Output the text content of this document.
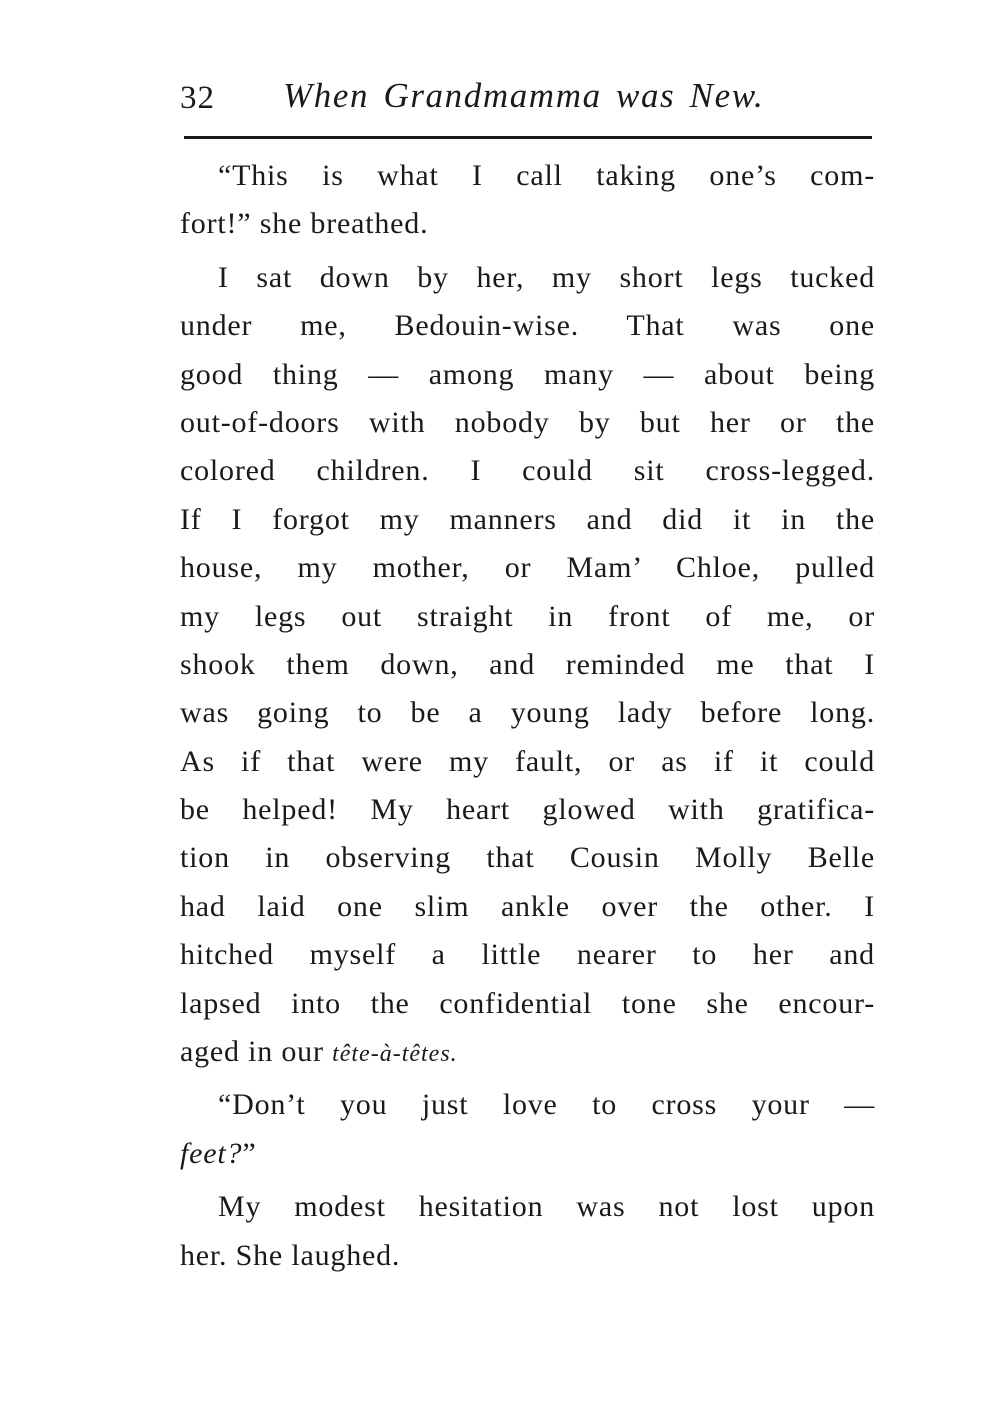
32 When Grandmamma was New.
“This is what I call taking one’s com-
fort!” she breathed.
I sat down by her, my short legs tucked
under me, Bedouin-wise. That was one
good thing — among many — about being
out-of-doors with nobody by but her or the
colored children. I could sit cross-legged.
If I forgot my manners and did it in the
house, my mother, or Mam’ Chloe, pulled
my legs out straight in front of me, or
shook them down, and reminded me that I
was going to be a young lady before long.
As if that were my fault, or as if it could
be helped! My heart glowed with gratifica-
tion in observing that Cousin Molly Belle
had laid one slim ankle over the other. I
hitched myself a little nearer to her and
lapsed into the confidential tone she encour-
aged in our tête-à-têtes.
“Don’t you just love to cross your —
feet?”
My modest hesitation was not lost upon
her. She laughed.
